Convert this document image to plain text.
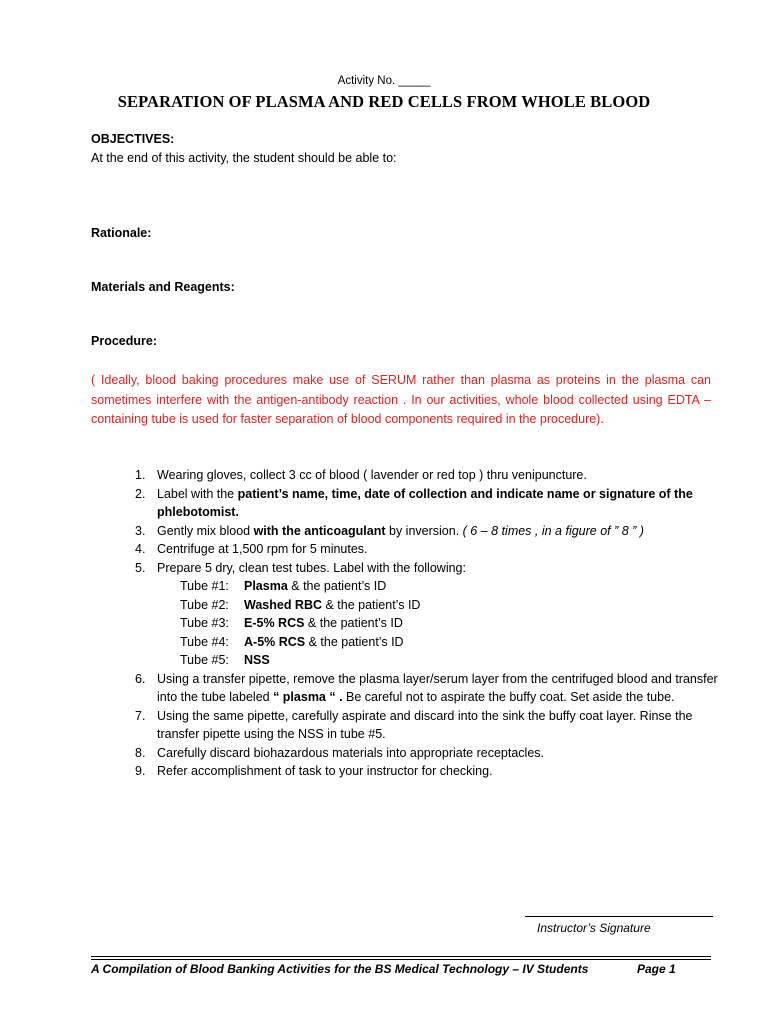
Activity No. _____
SEPARATION OF PLASMA AND RED CELLS FROM WHOLE BLOOD
OBJECTIVES:
At the end of this activity, the student should be able to:
Rationale:
Materials and Reagents:
Procedure:

( Ideally, blood baking procedures make use of SERUM rather than plasma as proteins in the plasma can sometimes interfere with the antigen-antibody reaction . In our activities, whole blood collected using EDTA – containing tube is used for faster separation of blood components required in the procedure).

1. Wearing gloves, collect 3 cc of blood ( lavender or red top ) thru venipuncture.
2. Label with the patient’s name, time, date of collection and indicate name or signature of the phlebotomist.
3. Gently mix blood with the anticoagulant by inversion. ( 6 – 8 times , in a figure of ” 8 ” )
4. Centrifuge at 1,500 rpm for 5 minutes.
5. Prepare 5 dry, clean test tubes. Label with the following:
Tube #1: Plasma & the patient’s ID
Tube #2: Washed RBC & the patient’s ID
Tube #3: E-5% RCS & the patient’s ID
Tube #4: A-5% RCS & the patient’s ID
Tube #5: NSS
6. Using a transfer pipette, remove the plasma layer/serum layer from the centrifuged blood and transfer into the tube labeled “ plasma “ . Be careful not to aspirate the buffy coat. Set aside the tube.
7. Using the same pipette, carefully aspirate and discard into the sink the buffy coat layer. Rinse the transfer pipette using the NSS in tube #5.
8. Carefully discard biohazardous materials into appropriate receptacles.
9. Refer accomplishment of task to your instructor for checking.
Instructor’s Signature
A Compilation of Blood Banking Activities for the BS Medical Technology – IV Students	Page 1
